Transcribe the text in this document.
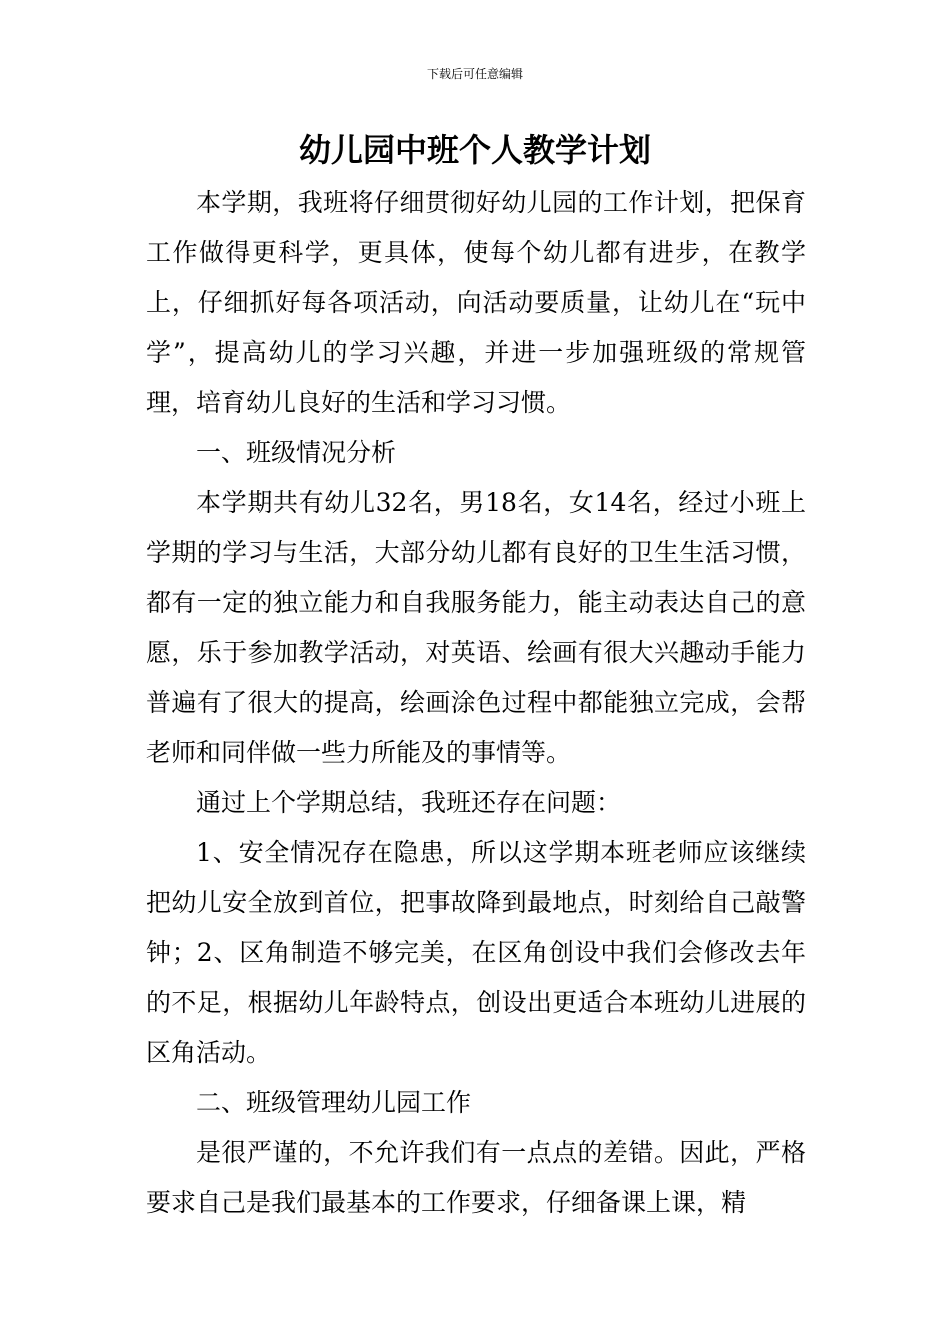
下载后可任意编辑
幼儿园中班个人教学计划

本学期，我班将仔细贯彻好幼儿园的工作计划，把保育工作做得更科学，更具体，使每个幼儿都有进步，在教学上，仔细抓好每各项活动，向活动要质量，让幼儿在“玩中学”，提高幼儿的学习兴趣，并进一步加强班级的常规管理，培育幼儿良好的生活和学习习惯。

一、班级情况分析

本学期共有幼儿32名，男18名，女14名，经过小班上学期的学习与生活，大部分幼儿都有良好的卫生生活习惯，都有一定的独立能力和自我服务能力，能主动表达自己的意愿，乐于参加教学活动，对英语、绘画有很大兴趣动手能力普遍有了很大的提高，绘画涂色过程中都能独立完成，会帮老师和同伴做一些力所能及的事情等。

通过上个学期总结，我班还存在问题：

1、安全情况存在隐患，所以这学期本班老师应该继续把幼儿安全放到首位，把事故降到最地点，时刻给自己敲警钟；2、区角制造不够完美，在区角创设中我们会修改去年的不足，根据幼儿年龄特点，创设出更适合本班幼儿进展的区角活动。

二、班级管理幼儿园工作

是很严谨的，不允许我们有一点点的差错。因此，严格要求自己是我们最基本的工作要求，仔细备课上课，精
